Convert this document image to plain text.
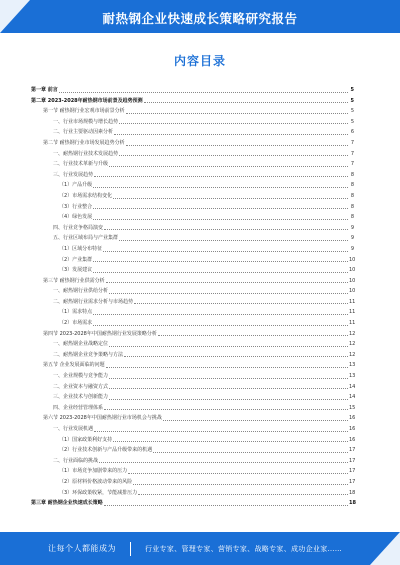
耐热钢企业快速成长策略研究报告
内容目录
第一章 前言	5
第二章 2023-2028年耐热钢市场前景及趋势预测	5
第一节 耐热钢行业宏观市场前景分析	5
一、行业市场规模与增长趋势	5
二、行业主要驱动因素分析	6
第二节 耐热钢行业市场发展趋势分析	7
一、耐热钢行业技术发展趋势	7
二、行业技术革新与升级	7
三、行业发展趋势	8
（1）产品升级	8
（2）市场需求结构变化	8
（3）行业整合	8
（4）绿色发展	8
四、行业竞争格局演变	9
五、行业区域布局与产业集群	9
（1）区域分布特征	9
（2）产业集群	10
（3）发展建议	10
第三节 耐热钢行业供需分析	10
一、耐热钢行业供给分析	10
二、耐热钢行业需求分析与市场趋势	11
（1）需求特点	11
（2）市场需求	11
第四节 2023-2028年中国耐热钢行业发展策略分析	12
一、耐热钢企业战略定位	12
二、耐热钢企业竞争策略与方法	12
第五节 企业发展面临的问题	13
一、企业规模与竞争能力	13
二、企业资本与融资方式	14
三、企业技术与创新能力	14
四、企业经营管理体系	15
第六节 2023-2028年中国耐热钢行业市场机会与挑战	16
一、行业发展机遇	16
（1）国家政策利好支持	16
（2）行业技术创新与产品升级带来的机遇	17
二、行业面临的挑战	17
（1）市场竞争加剧带来的压力	17
（2）原材料价格波动带来的风险	17
（3）环保政策收紧，节能减排压力	18
第三章 耐热钢企业快速成长策略	18
让每个人都能成为	行业专家、管理专家、营销专家、战略专家、成功企业家……
